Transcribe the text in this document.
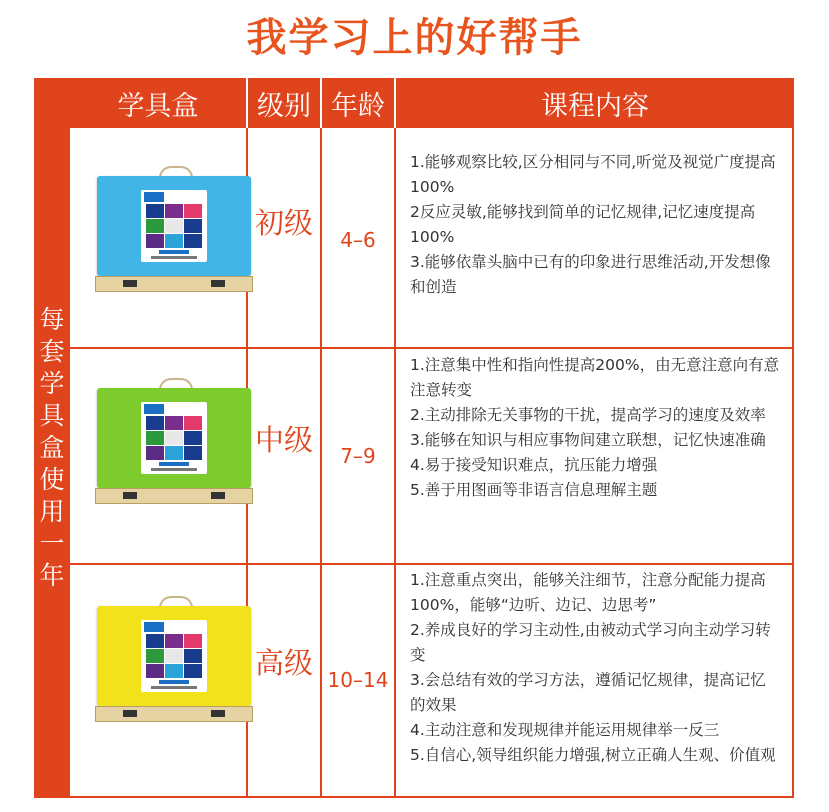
我学习上的好帮手
每套学具盒使用一年
学具盒	级别 年龄	课程内容
初级	4–6
1.能够观察比较,区分相同与不同,听觉及视觉广度提高100%
2反应灵敏,能够找到简单的记忆规律,记忆速度提高100%
3.能够依靠头脑中已有的印象进行思维活动,开发想像和创造
中级	7–9
1.注意集中性和指向性提高200%，由无意注意向有意注意转变
2.主动排除无关事物的干扰，提高学习的速度及效率
3.能够在知识与相应事物间建立联想，记忆快速准确
4.易于接受知识难点，抗压能力增强
5.善于用图画等非语言信息理解主题
高级 10–14
1.注意重点突出，能够关注细节，注意分配能力提高100%，能够“边听、边记、边思考”
2.养成良好的学习主动性,由被动式学习向主动学习转变
3.会总结有效的学习方法，遵循记忆规律，提高记忆的效果
4.主动注意和发现规律并能运用规律举一反三
5.自信心,领导组织能力增强,树立正确人生观、价值观
